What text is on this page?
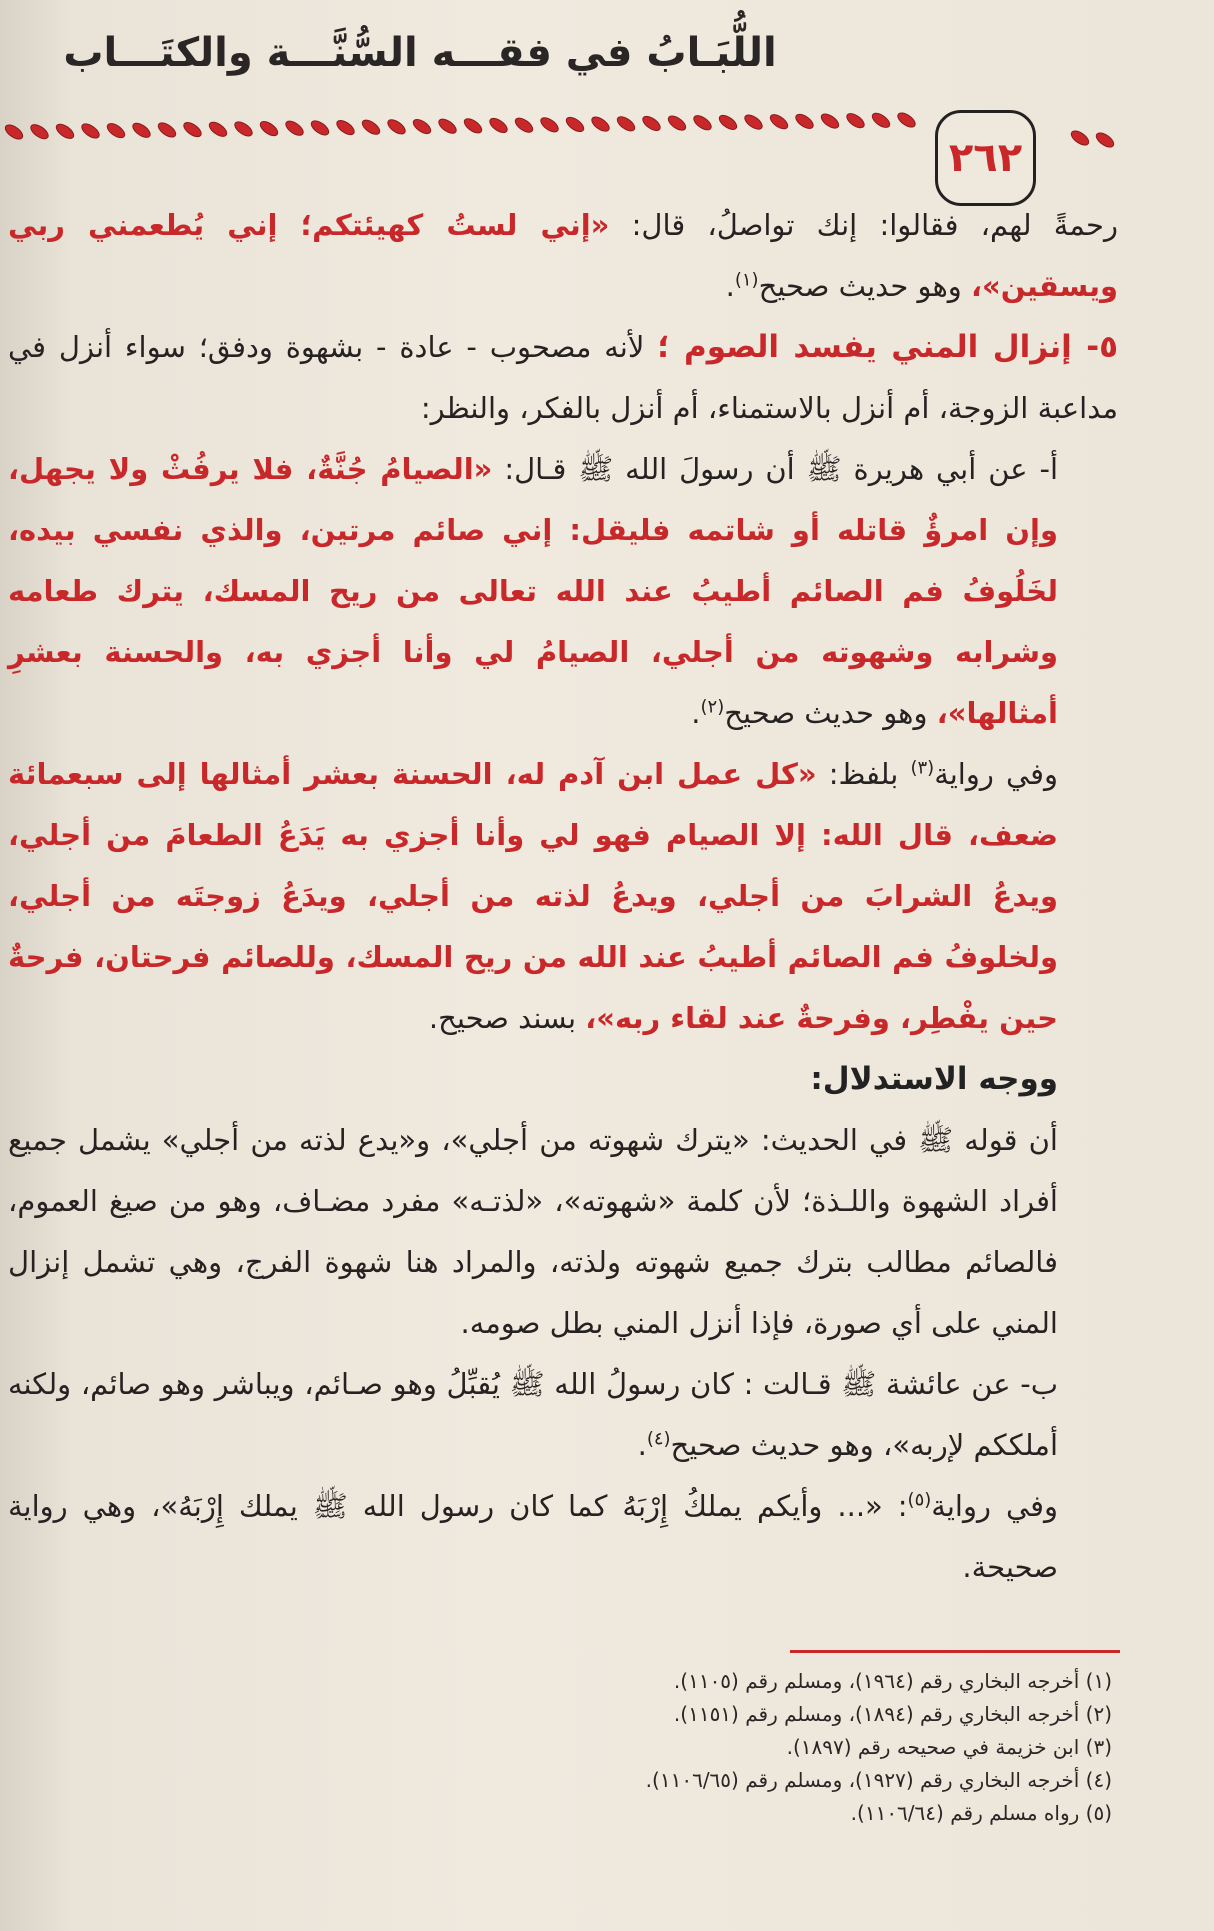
اللُّبَـابُ في فقـــه السُّنَّـــة والكتَـــاب
٢٦٢

رحمةً لهم، فقالوا: إنك تواصلُ، قال: «إني لستُ كهيئتكم؛ إني يُطعمني ربي ويسقين»، وهو حديث صحيح$^{(١)}$.

٥- إنزال المني يفسد الصوم ؛ لأنه مصحوب - عادة - بشهوة ودفق؛ سواء أنزل في مداعبة الزوجة، أم أنزل بالاستمناء، أم أنزل بالفكر، والنظر:

أ- عن أبي هريرة ﷺ أن رسولَ الله ﷺ قـال: «الصيامُ جُنَّةٌ، فلا يرفُثْ ولا يجهل، وإن امرؤٌ قاتله أو شاتمه فليقل: إني صائم مرتين، والذي نفسي بيده، لخَلُوفُ فم الصائم أطيبُ عند الله تعالى من ريح المسك، يترك طعامه وشرابه وشهوته من أجلي، الصيامُ لي وأنا أجزي به، والحسنة بعشرِ أمثالها»، وهو حديث صحيح$^{(٢)}$.

وفي رواية$^{(٣)}$ بلفظ: «كل عمل ابن آدم له، الحسنة بعشر أمثالها إلى سبعمائة ضعف، قال الله: إلا الصيام فهو لي وأنا أجزي به يَدَعُ الطعامَ من أجلي، ويدعُ الشرابَ من أجلي، ويدعُ لذته من أجلي، ويدَعُ زوجتَه من أجلي، ولخلوفُ فم الصائم أطيبُ عند الله من ريح المسك، وللصائم فرحتان، فرحةٌ حين يفْطِر، وفرحةٌ عند لقاء ربه»، بسند صحيح.

ووجه الاستدلال:

أن قوله ﷺ في الحديث: «يترك شهوته من أجلي»، و«يدع لذته من أجلي» يشمل جميع أفراد الشهوة واللـذة؛ لأن كلمة «شهوته»، «لذتـه» مفرد مضـاف، وهو من صيغ العموم، فالصائم مطالب بترك جميع شهوته ولذته، والمراد هنا شهوة الفرج، وهي تشمل إنزال المني على أي صورة، فإذا أنزل المني بطل صومه.

ب- عن عائشة ﷺ قـالت : كان رسولُ الله ﷺ يُقبِّلُ وهو صـائم، ويباشر وهو صائم، ولكنه أملككم لإربه»، وهو حديث صحيح$^{(٤)}$.

وفي رواية$^{(٥)}$: «... وأيكم يملكُ إِرْبَهُ كما كان رسول الله ﷺ يملك إِرْبَهُ»، وهي رواية صحيحة.

(١) أخرجه البخاري رقم (١٩٦٤)، ومسلم رقم (١١٠٥).
(٢) أخرجه البخاري رقم (١٨٩٤)، ومسلم رقم (١١٥١).
(٣) ابن خزيمة في صحيحه رقم (١٨٩٧).
(٤) أخرجه البخاري رقم (١٩٢٧)، ومسلم رقم (١١٠٦/٦٥).
(٥) رواه مسلم رقم (١١٠٦/٦٤).
